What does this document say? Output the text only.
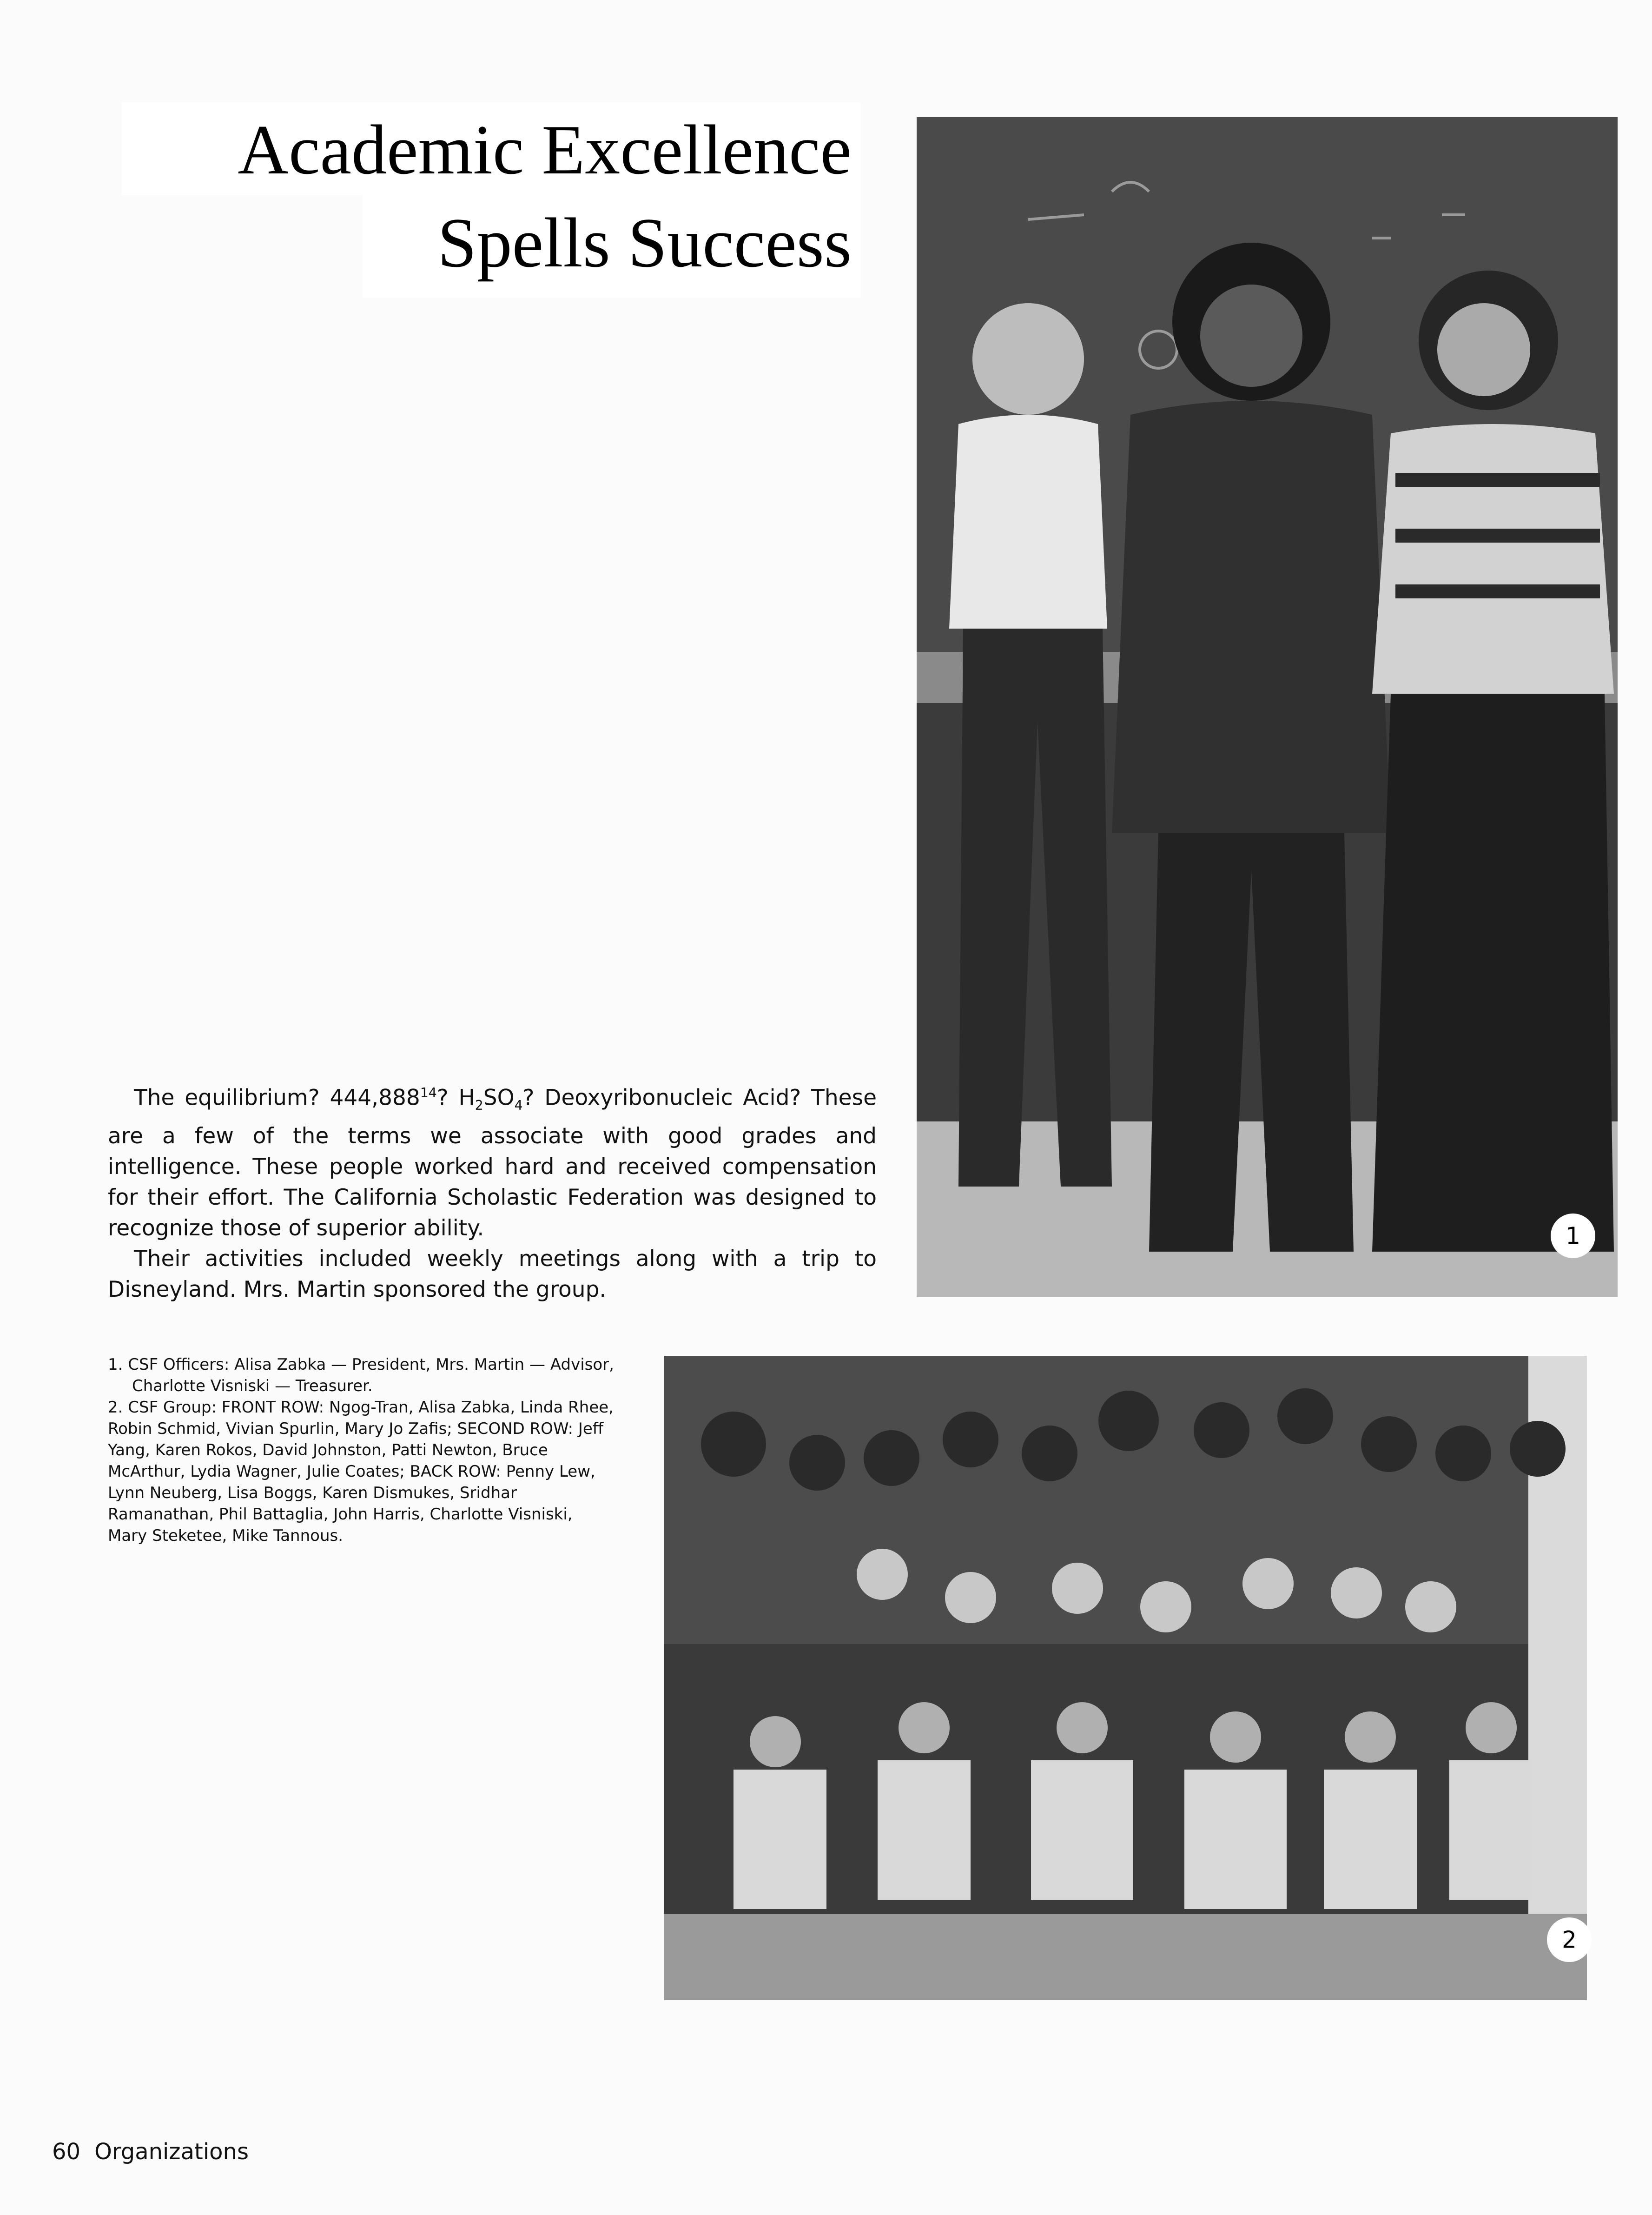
Academic Excellence
Spells Success
1

The equilibrium? 444,888$^{14}$? $H_2SO_4$? Deoxyribonucleic Acid? These are a few of the terms we associate with good grades and intelligence. These people worked hard and received compensation for their effort. The California Scholastic Federation was designed to recognize those of superior ability.

Their activities included weekly meetings along with a trip to Disneyland. Mrs. Martin sponsored the group.

1. CSF Officers: Alisa Zabka — President, Mrs. Martin — Advisor, Charlotte Visniski — Treasurer.

2. CSF Group: FRONT ROW: Ngog-Tran, Alisa Zabka, Linda Rhee, Robin Schmid, Vivian Spurlin, Mary Jo Zafis; SECOND ROW: Jeff Yang, Karen Rokos, David Johnston, Patti Newton, Bruce McArthur, Lydia Wagner, Julie Coates; BACK ROW: Penny Lew, Lynn Neuberg, Lisa Boggs, Karen Dismukes, Sridhar Ramanathan, Phil Battaglia, John Harris, Charlotte Visniski, Mary Steketee, Mike Tannous.

2
60 Organizations
